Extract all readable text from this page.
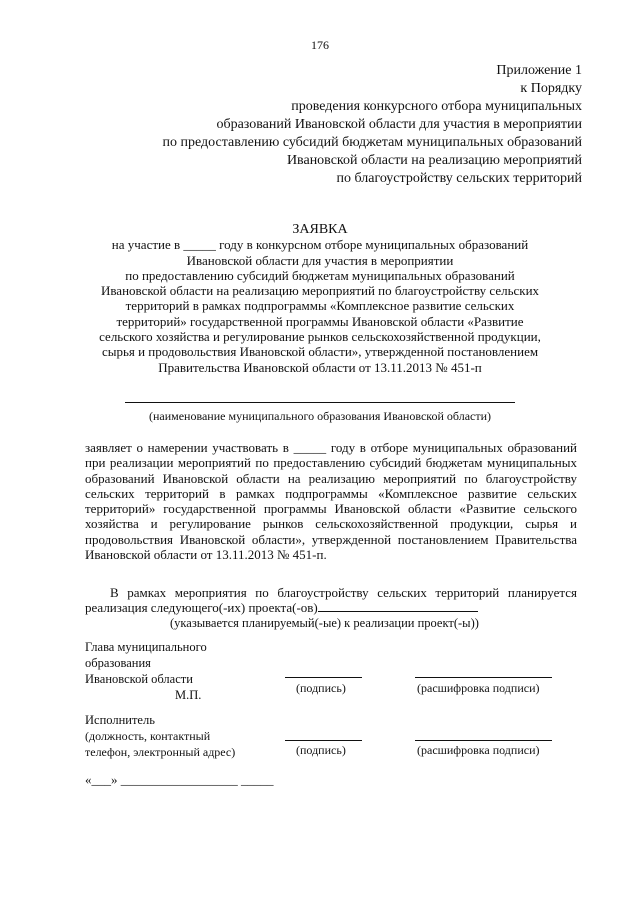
176
Приложение 1
к Порядку
проведения конкурсного отбора муниципальных
образований Ивановской области для участия в мероприятии
по предоставлению субсидий бюджетам муниципальных образований
Ивановской области на реализацию мероприятий
по благоустройству сельских территорий
ЗАЯВКА
на участие в _____ году в конкурсном отборе муниципальных образований
Ивановской области для участия в мероприятии
по предоставлению субсидий бюджетам муниципальных образований
Ивановской области на реализацию мероприятий по благоустройству сельских
территорий в рамках подпрограммы «Комплексное развитие сельских
территорий» государственной программы Ивановской области «Развитие
сельского хозяйства и регулирование рынков сельскохозяйственной продукции,
сырья и продовольствия Ивановской области», утвержденной постановлением
Правительства Ивановской области от 13.11.2013 № 451-п
(наименование муниципального образования Ивановской области)

заявляет о намерении участвовать в _____ году в отборе муниципальных образований при реализации мероприятий по предоставлению субсидий бюджетам муниципальных образований Ивановской области на реализацию мероприятий по благоустройству сельских территорий в рамках подпрограммы «Комплексное развитие сельских территорий» государственной программы Ивановской области «Развитие сельского хозяйства и регулирование рынков сельскохозяйственной продукции, сырья и продовольствия Ивановской области», утвержденной постановлением Правительства Ивановской области от 13.11.2013 № 451-п.

В рамках мероприятия по благоустройству сельских территорий планируется реализация следующего(-их) проекта(-ов)
(указывается планируемый(-ые) к реализации проект(-ы))
Глава муниципального
образования
Ивановской области
М.П.	(подпись)	(расшифровка подписи)
Исполнитель
(должность, контактный
телефон, электронный адрес)	(подпись)	(расшифровка подписи)
«___» __________________ _____
